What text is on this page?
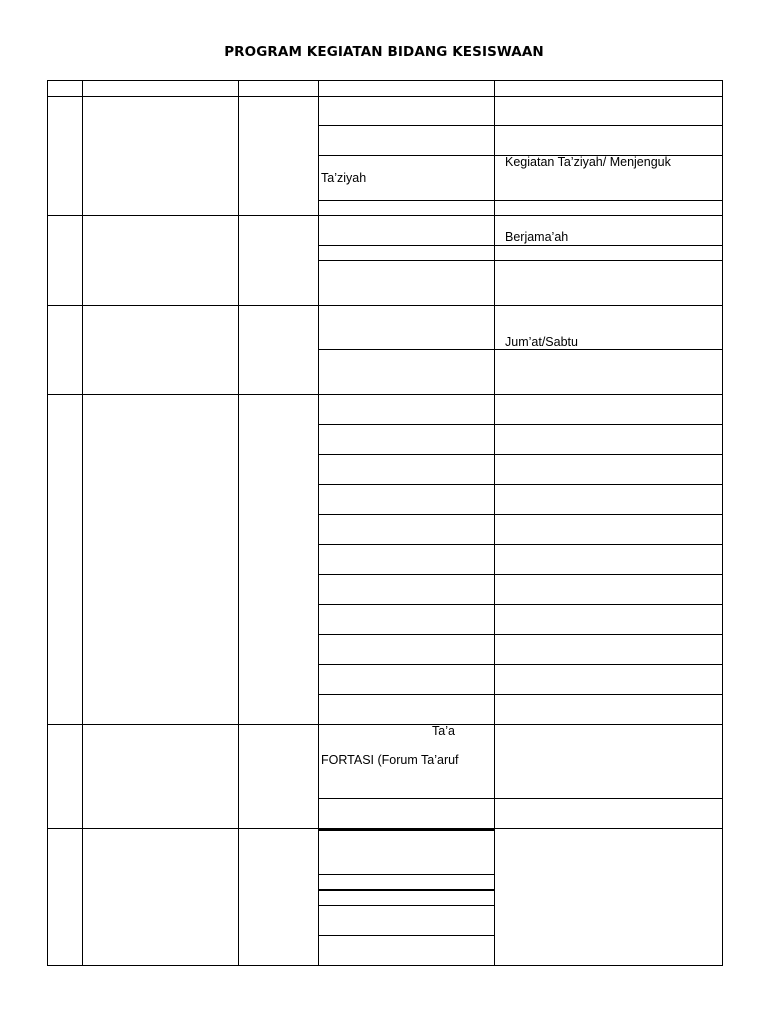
PROGRAM KEGIATAN BIDANG KESISWAAN
Kegiatan Ta’ziyah/ Menjenguk
Ta’ziyah
Berjama’ah
Jum’at/Sabtu
Ta’a
FORTASI (Forum Ta’aruf
